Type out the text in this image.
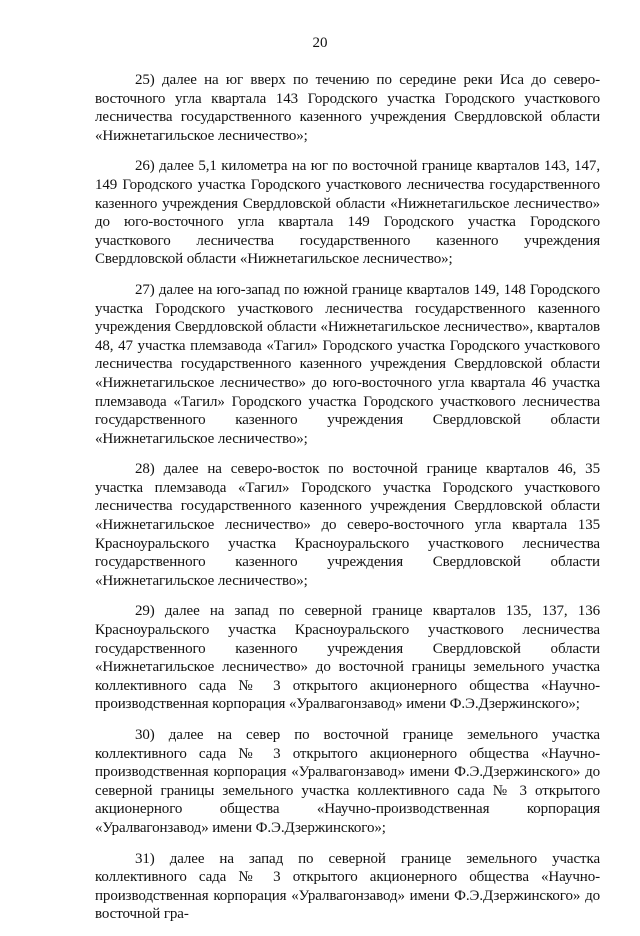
20

25) далее на юг вверх по течению по середине реки Иса до северо-восточного угла квартала 143 Городского участка Городского участкового лесничества государственного казенного учреждения Свердловской области «Нижнетагильское лесничество»;

26) далее 5,1 километра на юг по восточной границе кварталов 143, 147, 149 Городского участка Городского участкового лесничества государственного казенного учреждения Свердловской области «Нижнетагильское лесничество» до юго-восточного угла квартала 149 Городского участка Городского участкового лесничества государственного казенного учреждения Свердловской области «Нижнетагильское лесничество»;

27) далее на юго-запад по южной границе кварталов 149, 148 Городского участка Городского участкового лесничества государственного казенного учреждения Свердловской области «Нижнетагильское лесничество», кварталов 48, 47 участка племзавода «Тагил» Городского участка Городского участкового лесничества государственного казенного учреждения Свердловской области «Нижнетагильское лесничество» до юго-восточного угла квартала 46 участка племзавода «Тагил» Городского участка Городского участкового лесничества государственного казенного учреждения Свердловской области «Нижнетагильское лесничество»;

28) далее на северо-восток по восточной границе кварталов 46, 35 участка племзавода «Тагил» Городского участка Городского участкового лесничества государственного казенного учреждения Свердловской области «Нижнетагильское лесничество» до северо-восточного угла квартала 135 Красноуральского участка Красноуральского участкового лесничества государственного казенного учреждения Свердловской области «Нижнетагильское лесничество»;

29) далее на запад по северной границе кварталов 135, 137, 136 Красноуральского участка Красноуральского участкового лесничества государственного казенного учреждения Свердловской области «Нижнетагильское лесничество» до восточной границы земельного участка коллективного сада № 3 открытого акционерного общества «Научно-производственная корпорация «Уралвагонзавод» имени Ф.Э.Дзержинского»;

30) далее на север по восточной границе земельного участка коллективного сада № 3 открытого акционерного общества «Научно-производственная корпорация «Уралвагонзавод» имени Ф.Э.Дзержинского» до северной границы земельного участка коллективного сада № 3 открытого акционерного общества «Научно-производственная корпорация «Уралвагонзавод» имени Ф.Э.Дзержинского»;

31) далее на запад по северной границе земельного участка коллективного сада № 3 открытого акционерного общества «Научно-производственная корпорация «Уралвагонзавод» имени Ф.Э.Дзержинского» до восточной гра-
